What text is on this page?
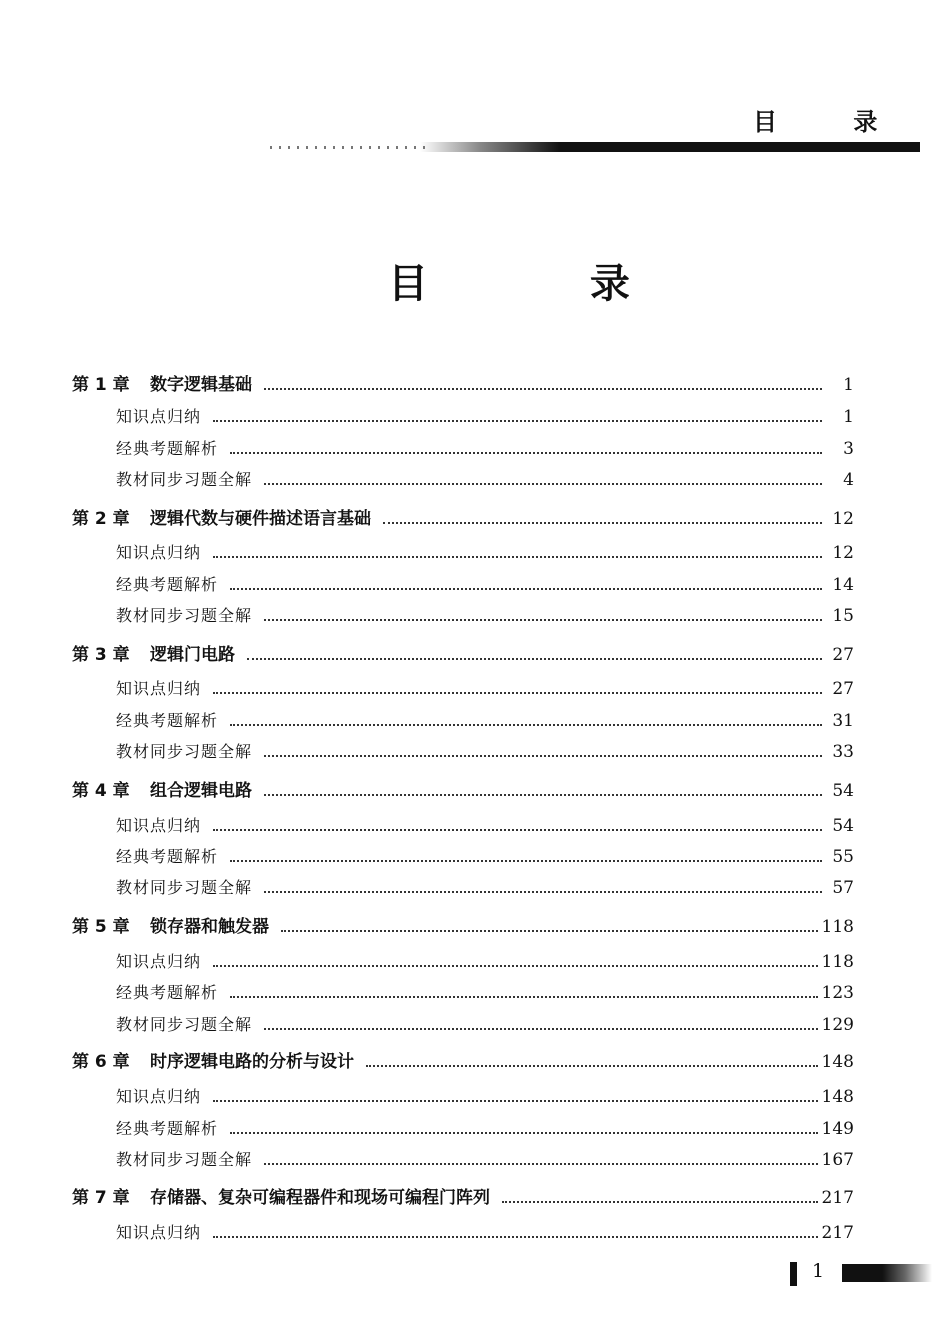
目 录
目 录
第 1 章	数字逻辑基础	1
知识点归纳	1
经典考题解析	3
教材同步习题全解	4
第 2 章	逻辑代数与硬件描述语言基础	12
知识点归纳	12
经典考题解析	14
教材同步习题全解	15
第 3 章	逻辑门电路	27
知识点归纳	27
经典考题解析	31
教材同步习题全解	33
第 4 章	组合逻辑电路	54
知识点归纳	54
经典考题解析	55
教材同步习题全解	57
第 5 章	锁存器和触发器	118
知识点归纳	118
经典考题解析	123
教材同步习题全解	129
第 6 章	时序逻辑电路的分析与设计	148
知识点归纳	148
经典考题解析	149
教材同步习题全解	167
第 7 章	存储器、复杂可编程器件和现场可编程门阵列	217
知识点归纳	217
1
